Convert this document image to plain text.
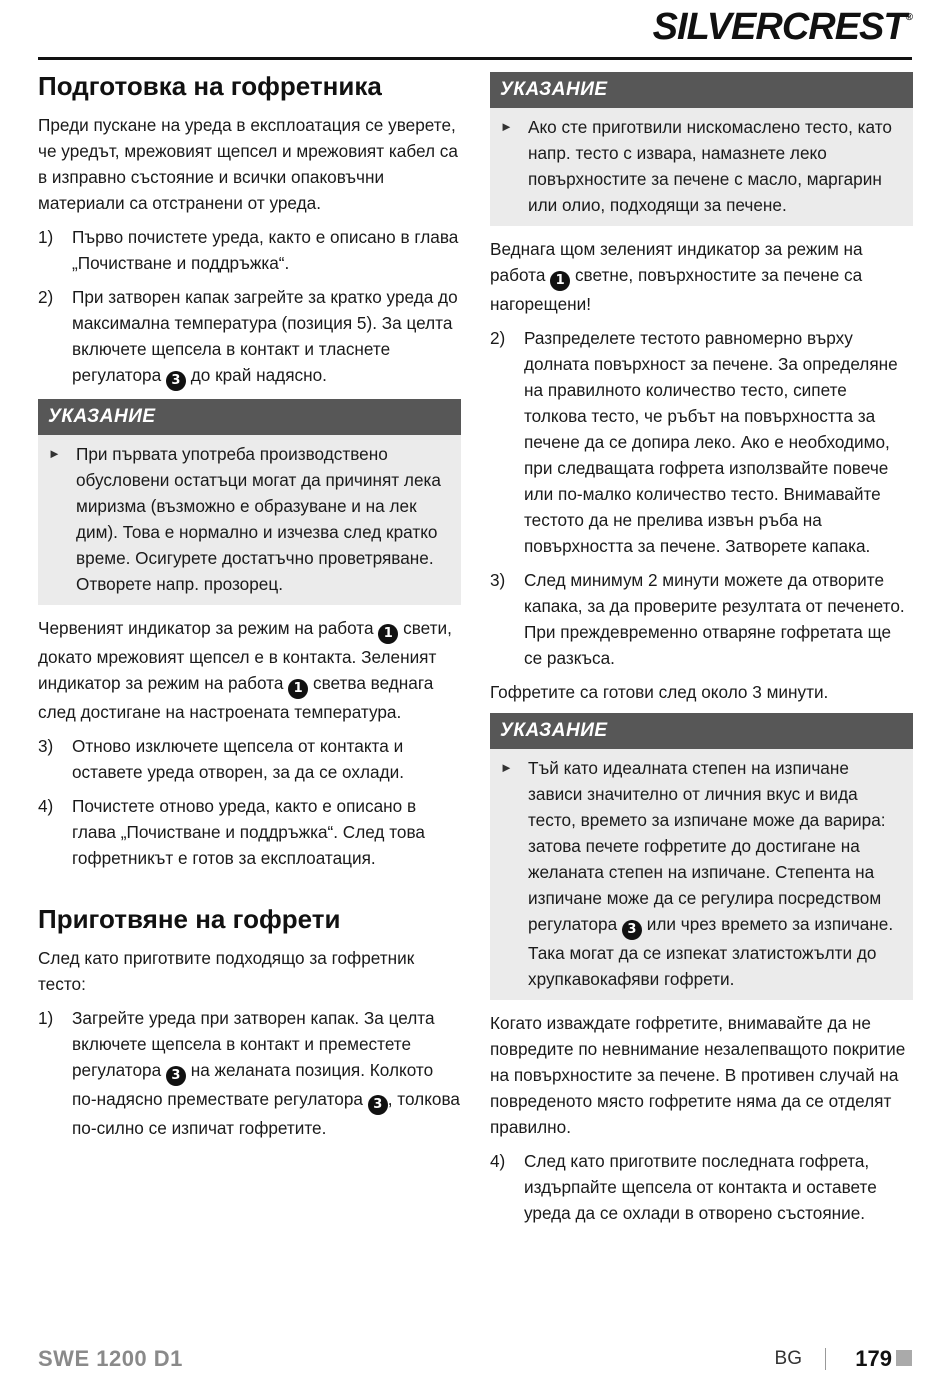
SILVERCREST®
Подготовка на гофретника

Преди пускане на уреда в експлоатация се уверете, че уредът, мрежовият щепсел и мрежовият кабел са в изправно състояние и всички опаковъчни материали са отстранени от уреда.

1)	Първо почистете уреда, както е описано в глава „Почистване и поддръжка“.
2)	При затворен капак загрейте за кратко уреда до максимална температура (позиция 5). За целта включете щепсела в контакт и тласнете регулатора 3 до край надясно.
УКАЗАНИЕ
► При първата употреба производствено обусловени остатъци могат да причинят лека миризма (възможно е образуване и на лек дим). Това е нормално и изчезва след кратко време. Осигурете достатъчно проветряване. Отворете напр. прозорец.

Червеният индикатор за режим на работа 1 свети, докато мрежовият щепсел е в контакта. Зеленият индикатор за режим на работа 1 светва веднага след достигане на настроената температура.

3)	Отново изключете щепсела от контакта и оставете уреда отворен, за да се охлади.
4)	Почистете отново уреда, както е описано в глава „Почистване и поддръжка“. След това гофретникът е готов за експлоатация.
Приготвяне на гофрети

След като приготвите подходящо за гофретник тесто:

1)	Загрейте уреда при затворен капак. За целта включете щепсела в контакт и преместете регулатора 3 на желаната позиция. Колкото по-надясно премествате регулатора 3 , толкова по-силно се изпичат гофретите.
УКАЗАНИЕ
► Ако сте приготвили нискомаслено тесто, като напр. тесто с извара, намазнете леко повърхностите за печене с масло, маргарин или олио, подходящи за печене.

Веднага щом зеленият индикатор за режим на работа 1 светне, повърхностите за печене са нагорещени!

2)	Разпределете тестото равномерно върху долната повърхност за печене. За определяне на правилното количество тесто, сипете толкова тесто, че ръбът на повърхността за печене да се допира леко. Ако е необходимо, при следващата гофрета използвайте повече или по-малко количество тесто. Внимавайте тестото да не прелива извън ръба на повърхността за печене. Затворете капака.
3)	След минимум 2 минути можете да отворите капака, за да проверите резултата от печенето. При преждевременно отваряне гофретата ще се разкъса.

Гофретите са готови след около 3 минути.

УКАЗАНИЕ
► Тъй като идеалната степен на изпичане зависи значително от личния вкус и вида тесто, времето за изпичане може да варира: затова печете гофретите до достигане на желаната степен на изпичане. Степента на изпичане може да се регулира посредством регулатора 3 или чрез времето за изпичане. Така могат да се изпекат златистожълти до хрупкавокафяви гофрети.

Когато изваждате гофретите, внимавайте да не повредите по невнимание незалепващото покритие на повърхностите за печене. В противен случай на повреденото място гофретите няма да се отделят правилно.

4)	След като приготвите последната гофрета, издърпайте щепсела от контакта и оставете уреда да се охлади в отворено състояние.
SWE 1200 D1	BG 179
